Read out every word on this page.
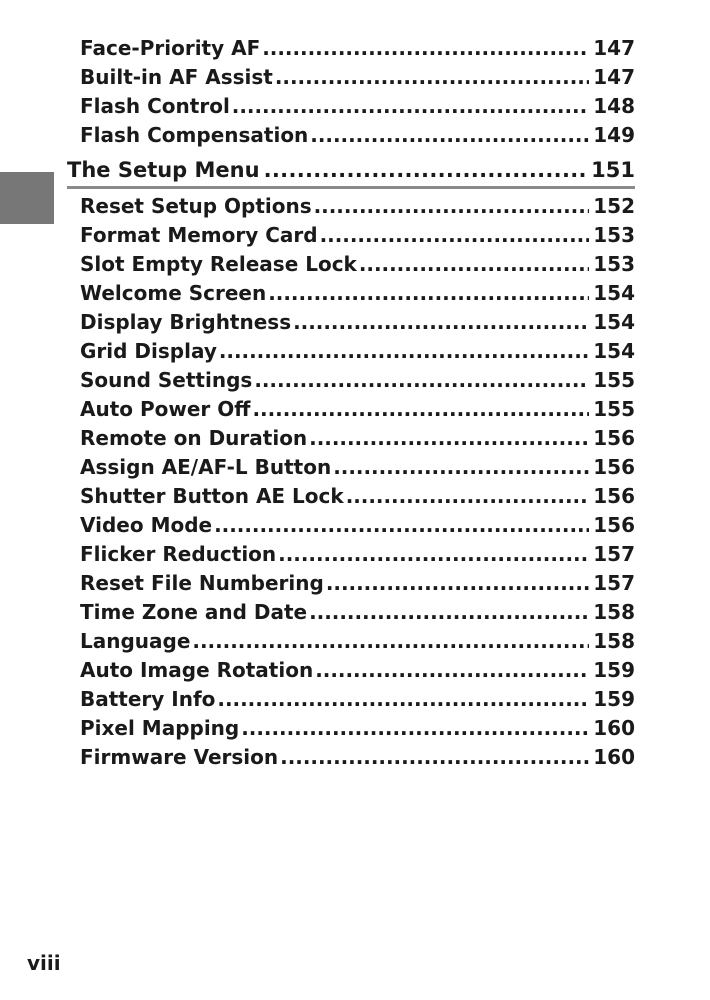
Face-Priority AF . . .	147
Built-in AF Assist . . .	147
Flash Control . . .	148
Flash Compensation . . .	149
The Setup Menu . . .	151
Reset Setup Options . . .	152
Format Memory Card . . .	153
Slot Empty Release Lock . . .	153
Welcome Screen . . .	154
Display Brightness . . .	154
Grid Display . . .	154
Sound Settings . . .	155
Auto Power Off . . .	155
Remote on Duration . . .	156
Assign AE/AF-L Button . . .	156
Shutter Button AE Lock . . .	156
Video Mode . . .	156
Flicker Reduction . . .	157
Reset File Numbering . . .	157
Time Zone and Date . . .	158
Language . . .	158
Auto Image Rotation . . .	159
Battery Info . . .	159
Pixel Mapping . . .	160
Firmware Version . . .	160
viii
